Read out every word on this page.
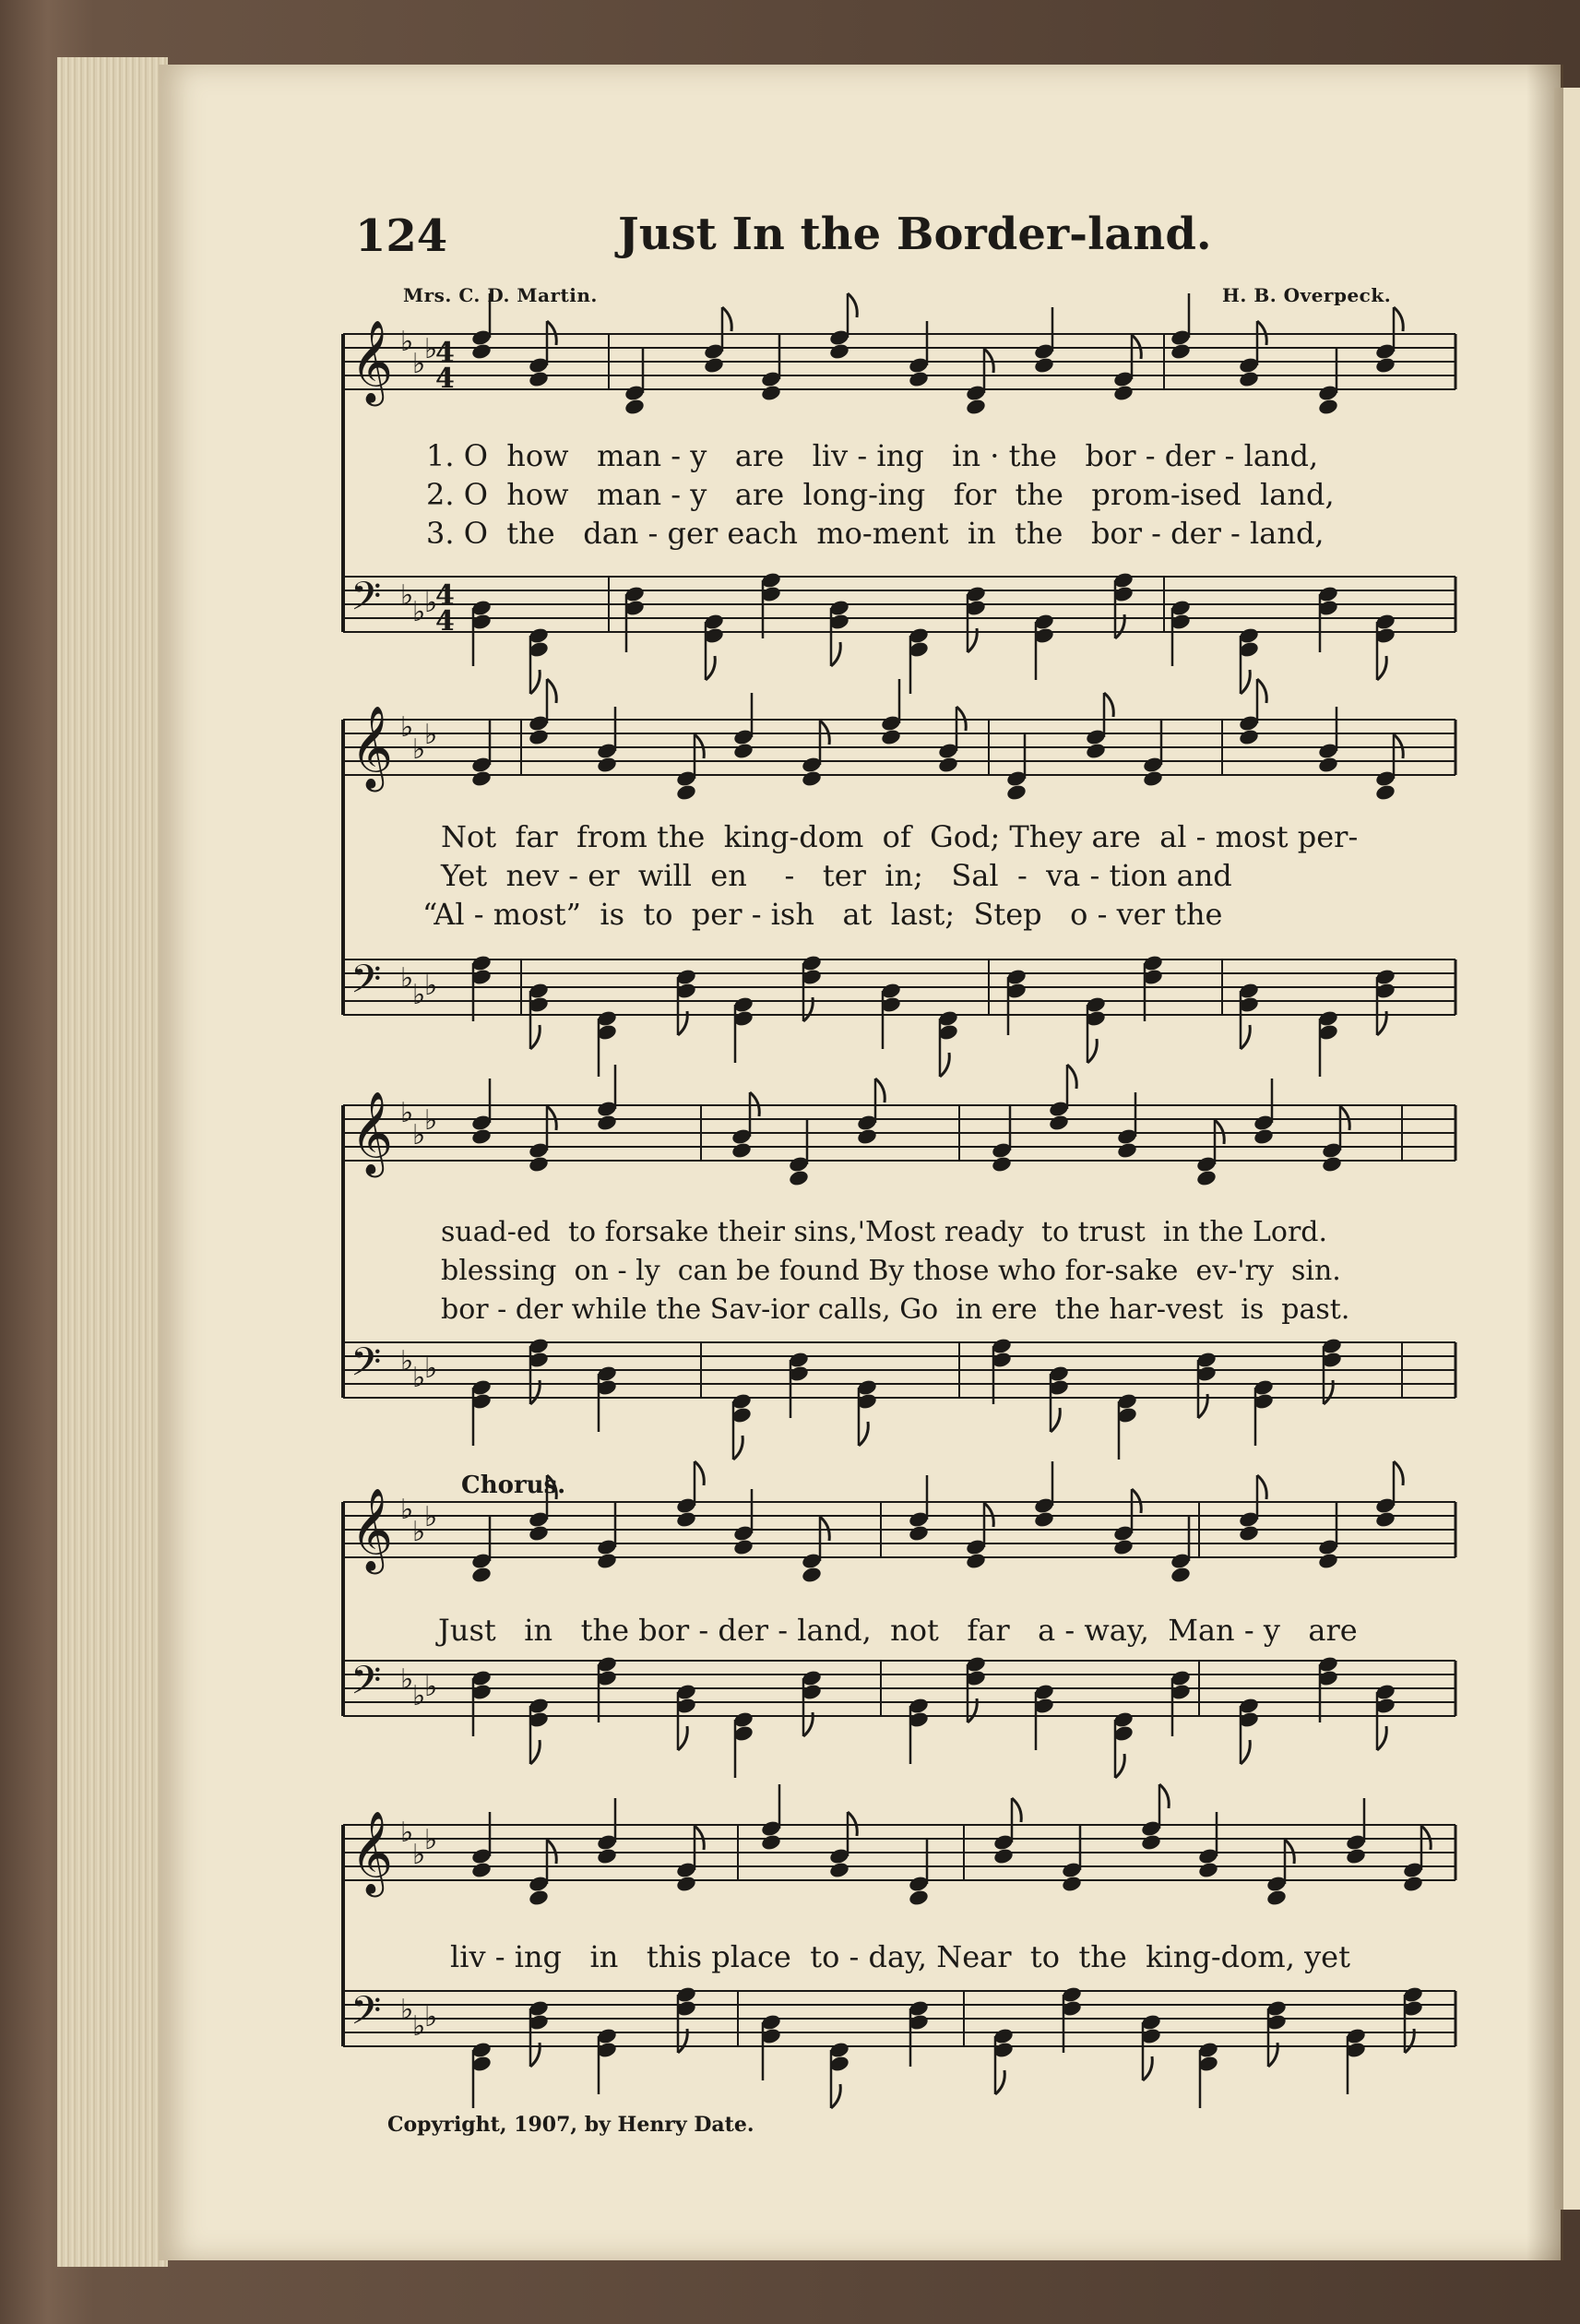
124	Just In the Border-land.
Mrs. C. D. Martin.	H. B. Overpeck.
Chorus.
Copyright, 1907, by Henry Date.
1. O  how   man - y   are   liv - ing   in · the   bor - der - land,
2. O  how   man - y   are  long-ing   for  the   prom-ised  land,
3. O  the   dan - ger each  mo-ment  in  the   bor - der - land,
Not  far  from the  king-dom  of  God; They are  al - most per-
Yet  nev - er  will  en    -   ter  in;   Sal  -  va - tion and
“Al - most”  is  to  per - ish   at  last;  Step   o - ver the
suad-ed  to forsake their sins,'Most ready  to trust  in the Lord.
blessing  on - ly  can be found By those who for-sake  ev-'ry  sin.
bor - der while the Sav-ior calls, Go  in ere  the har-vest  is  past.
Just   in   the bor - der - land,  not   far   a - way,  Man - y   are
liv - ing   in   this place  to - day, Near  to  the  king-dom, yet
𝄞 ♭
♭
♭
4
4
𝄢 ♭
♭
♭
4
4
𝄞 ♭
♭
♭
𝄢 ♭
♭
♭
𝄞 ♭
♭
♭
𝄢 ♭
♭
♭
𝄞 ♭
♭
♭
𝄢 ♭
♭
♭
𝄞 ♭
♭
♭
𝄢 ♭
♭
♭
